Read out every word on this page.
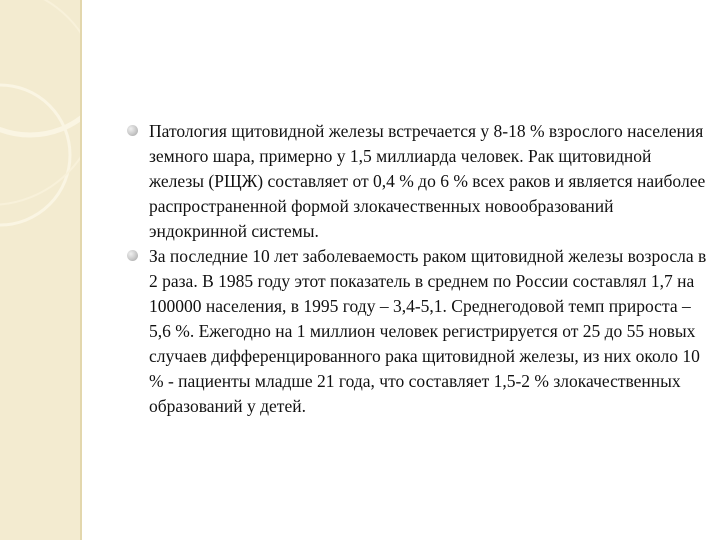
Патология щитовидной железы встречается у 8-18 % взрослого населения земного шара, примерно у 1,5 миллиарда человек. Рак щитовидной железы (РЩЖ) составляет от 0,4 % до 6 % всех раков и является наиболее распространенной формой злокачественных новообразований эндокринной системы.
За последние 10 лет заболеваемость раком щитовидной железы возросла в 2 раза. В 1985 году этот показатель в среднем по России составлял 1,7 на 100000 населения, в 1995 году – 3,4-5,1. Среднегодовой темп прироста – 5,6 %. Ежегодно на 1 миллион человек регистрируется от 25 до 55 новых случаев дифференцированного рака щитовидной железы, из них около 10 % - пациенты младше 21 года, что составляет 1,5-2 % злокачественных образований у детей.
